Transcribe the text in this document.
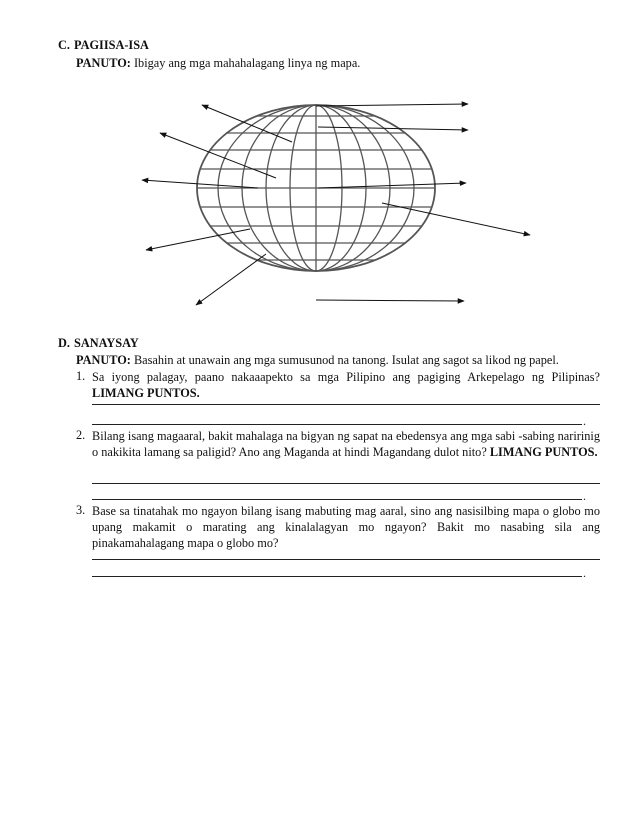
C. PAGIISA-ISA
PANUTO: Ibigay ang mga mahahalagang linya ng mapa.
D. SANAYSAY
PANUTO: Basahin at unawain ang mga sumusunod na tanong. Isulat ang sagot sa likod ng papel.
1. Sa iyong palagay, paano nakaaapekto sa mga Pilipino ang pagiging Arkepelago ng Pilipinas? LIMANG PUNTOS.
.
2. Bilang isang magaaral, bakit mahalaga na bigyan ng sapat na ebedensya ang mga sabi -sabing naririnig o nakikita lamang sa paligid? Ano ang Maganda at hindi Magandang dulot nito? LIMANG PUNTOS.
.
3. Base sa tinatahak mo ngayon bilang isang mabuting mag aaral, sino ang nasisilbing mapa o globo mo upang makamit o marating ang kinalalagyan mo ngayon? Bakit mo nasabing sila ang pinakamahalagang mapa o globo mo?
.
